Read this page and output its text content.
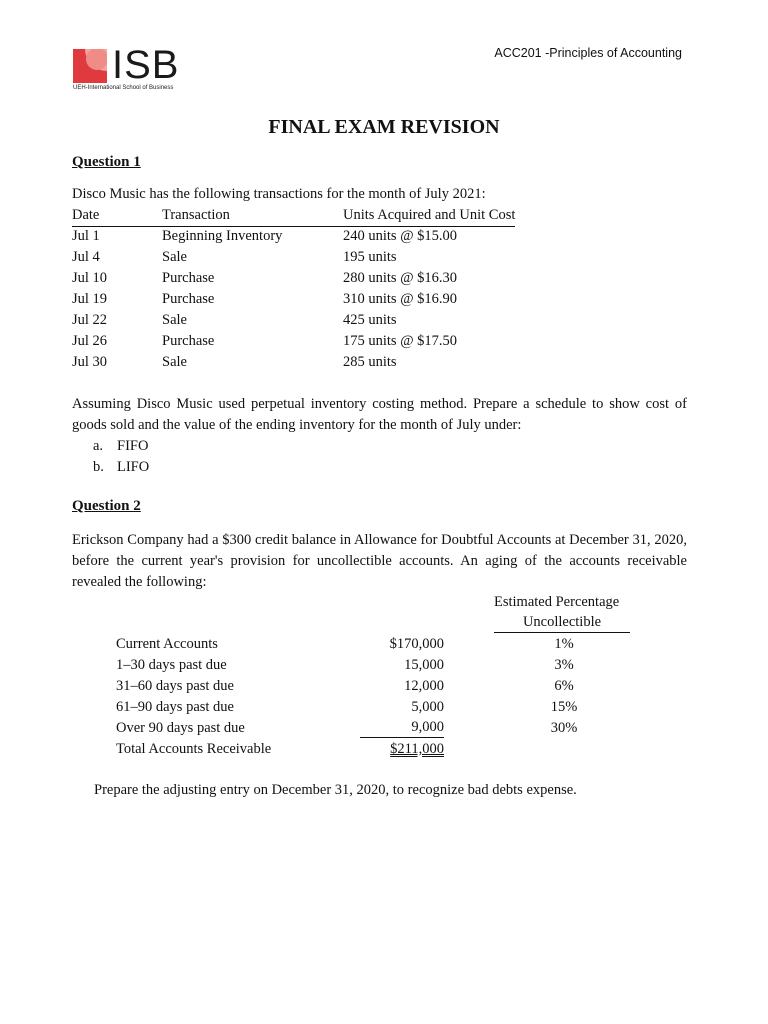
ISB
UEH-International School of Business
ACC201 -Principles of Accounting
FINAL EXAM REVISION
Question 1
Disco Music has the following transactions for the month of July 2021:
Date	Transaction	Units Acquired and Unit Cost
Jul 1	Beginning Inventory	240 units @ $15.00
Jul 4	Sale	195 units
Jul 10	Purchase	280 units @ $16.30
Jul 19	Purchase	310 units @ $16.90
Jul 22	Sale	425 units
Jul 26	Purchase	175 units @ $17.50
Jul 30	Sale	285 units
Assuming Disco Music used perpetual inventory costing method. Prepare a schedule to show cost of goods sold and the value of the ending inventory for the month of July under:
a. FIFO
b. LIFO
Question 2
Erickson Company had a $300 credit balance in Allowance for Doubtful Accounts at December 31, 2020, before the current year's provision for uncollectible accounts. An aging of the accounts receivable revealed the following:
Estimated Percentage
Uncollectible
Current Accounts	$170,000	1%
1–30 days past due	15,000	3%
31–60 days past due	12,000	6%
61–90 days past due	5,000	15%
Over 90 days past due	9,000	30%
Total Accounts Receivable	$211,000
Prepare the adjusting entry on December 31, 2020, to recognize bad debts expense.
